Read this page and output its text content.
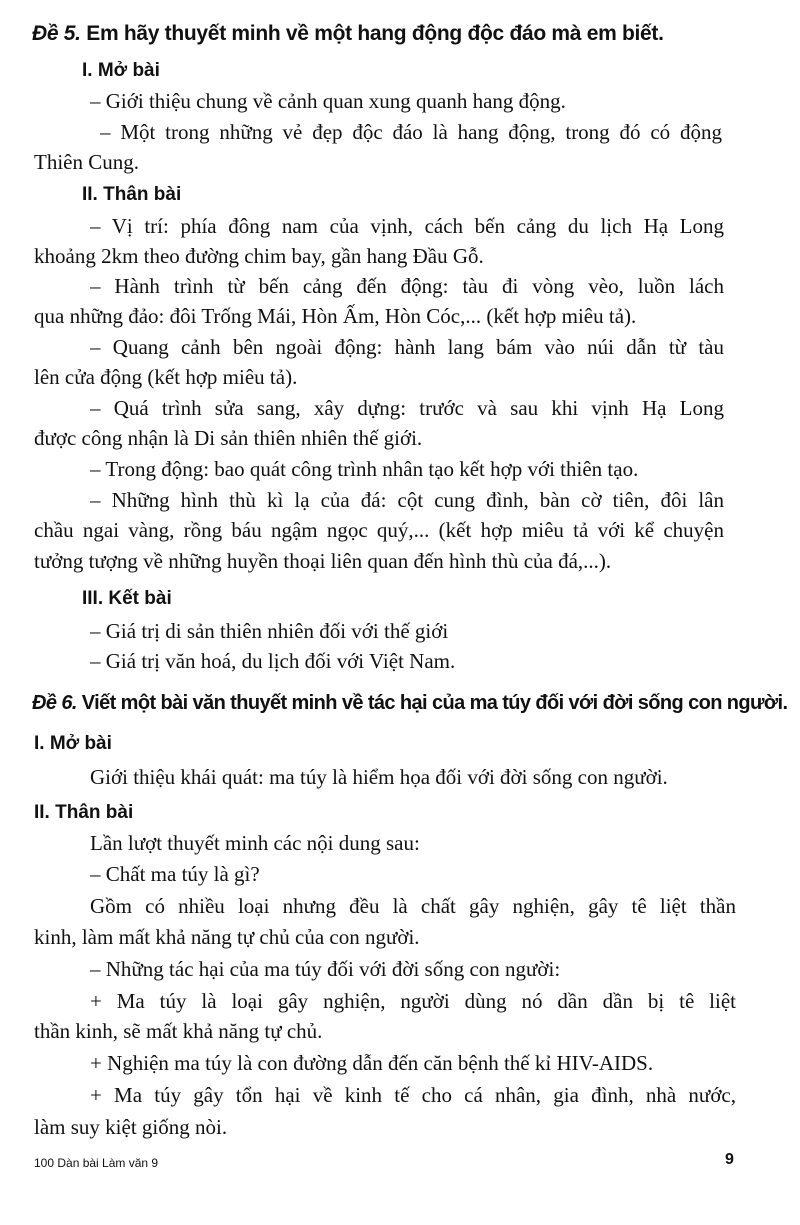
Đề 5. Em hãy thuyết minh về một hang động độc đáo mà em biết.
I. Mở bài
– Giới thiệu chung về cảnh quan xung quanh hang động.
– Một trong những vẻ đẹp độc đáo là hang động, trong đó có động
Thiên Cung.
II. Thân bài
– Vị trí: phía đông nam của vịnh, cách bến cảng du lịch Hạ Long
khoảng 2km theo đường chim bay, gần hang Đầu Gỗ.
– Hành trình từ bến cảng đến động: tàu đi vòng vèo, luồn lách
qua những đảo: đôi Trống Mái, Hòn Ấm, Hòn Cóc,... (kết hợp miêu tả).
– Quang cảnh bên ngoài động: hành lang bám vào núi dẫn từ tàu
lên cửa động (kết hợp miêu tả).
– Quá trình sửa sang, xây dựng: trước và sau khi vịnh Hạ Long
được công nhận là Di sản thiên nhiên thế giới.
– Trong động: bao quát công trình nhân tạo kết hợp với thiên tạo.
– Những hình thù kì lạ của đá: cột cung đình, bàn cờ tiên, đôi lân
chầu ngai vàng, rồng báu ngậm ngọc quý,... (kết hợp miêu tả với kể chuyện
tưởng tượng về những huyền thoại liên quan đến hình thù của đá,...).
III. Kết bài
– Giá trị di sản thiên nhiên đối với thế giới
– Giá trị văn hoá, du lịch đối với Việt Nam.
Đề 6. Viết một bài văn thuyết minh về tác hại của ma túy đối với đời sống con người.
I. Mở bài
Giới thiệu khái quát: ma túy là hiểm họa đối với đời sống con người.
II. Thân bài
Lần lượt thuyết minh các nội dung sau:
– Chất ma túy là gì?
Gồm có nhiều loại nhưng đều là chất gây nghiện, gây tê liệt thần
kinh, làm mất khả năng tự chủ của con người.
– Những tác hại của ma túy đối với đời sống con người:
+ Ma túy là loại gây nghiện, người dùng nó dần dần bị tê liệt
thần kinh, sẽ mất khả năng tự chủ.
+ Nghiện ma túy là con đường dẫn đến căn bệnh thế kỉ HIV-AIDS.
+ Ma túy gây tổn hại về kinh tế cho cá nhân, gia đình, nhà nước,
làm suy kiệt giống nòi.
100 Dàn bài Làm văn 9	9
